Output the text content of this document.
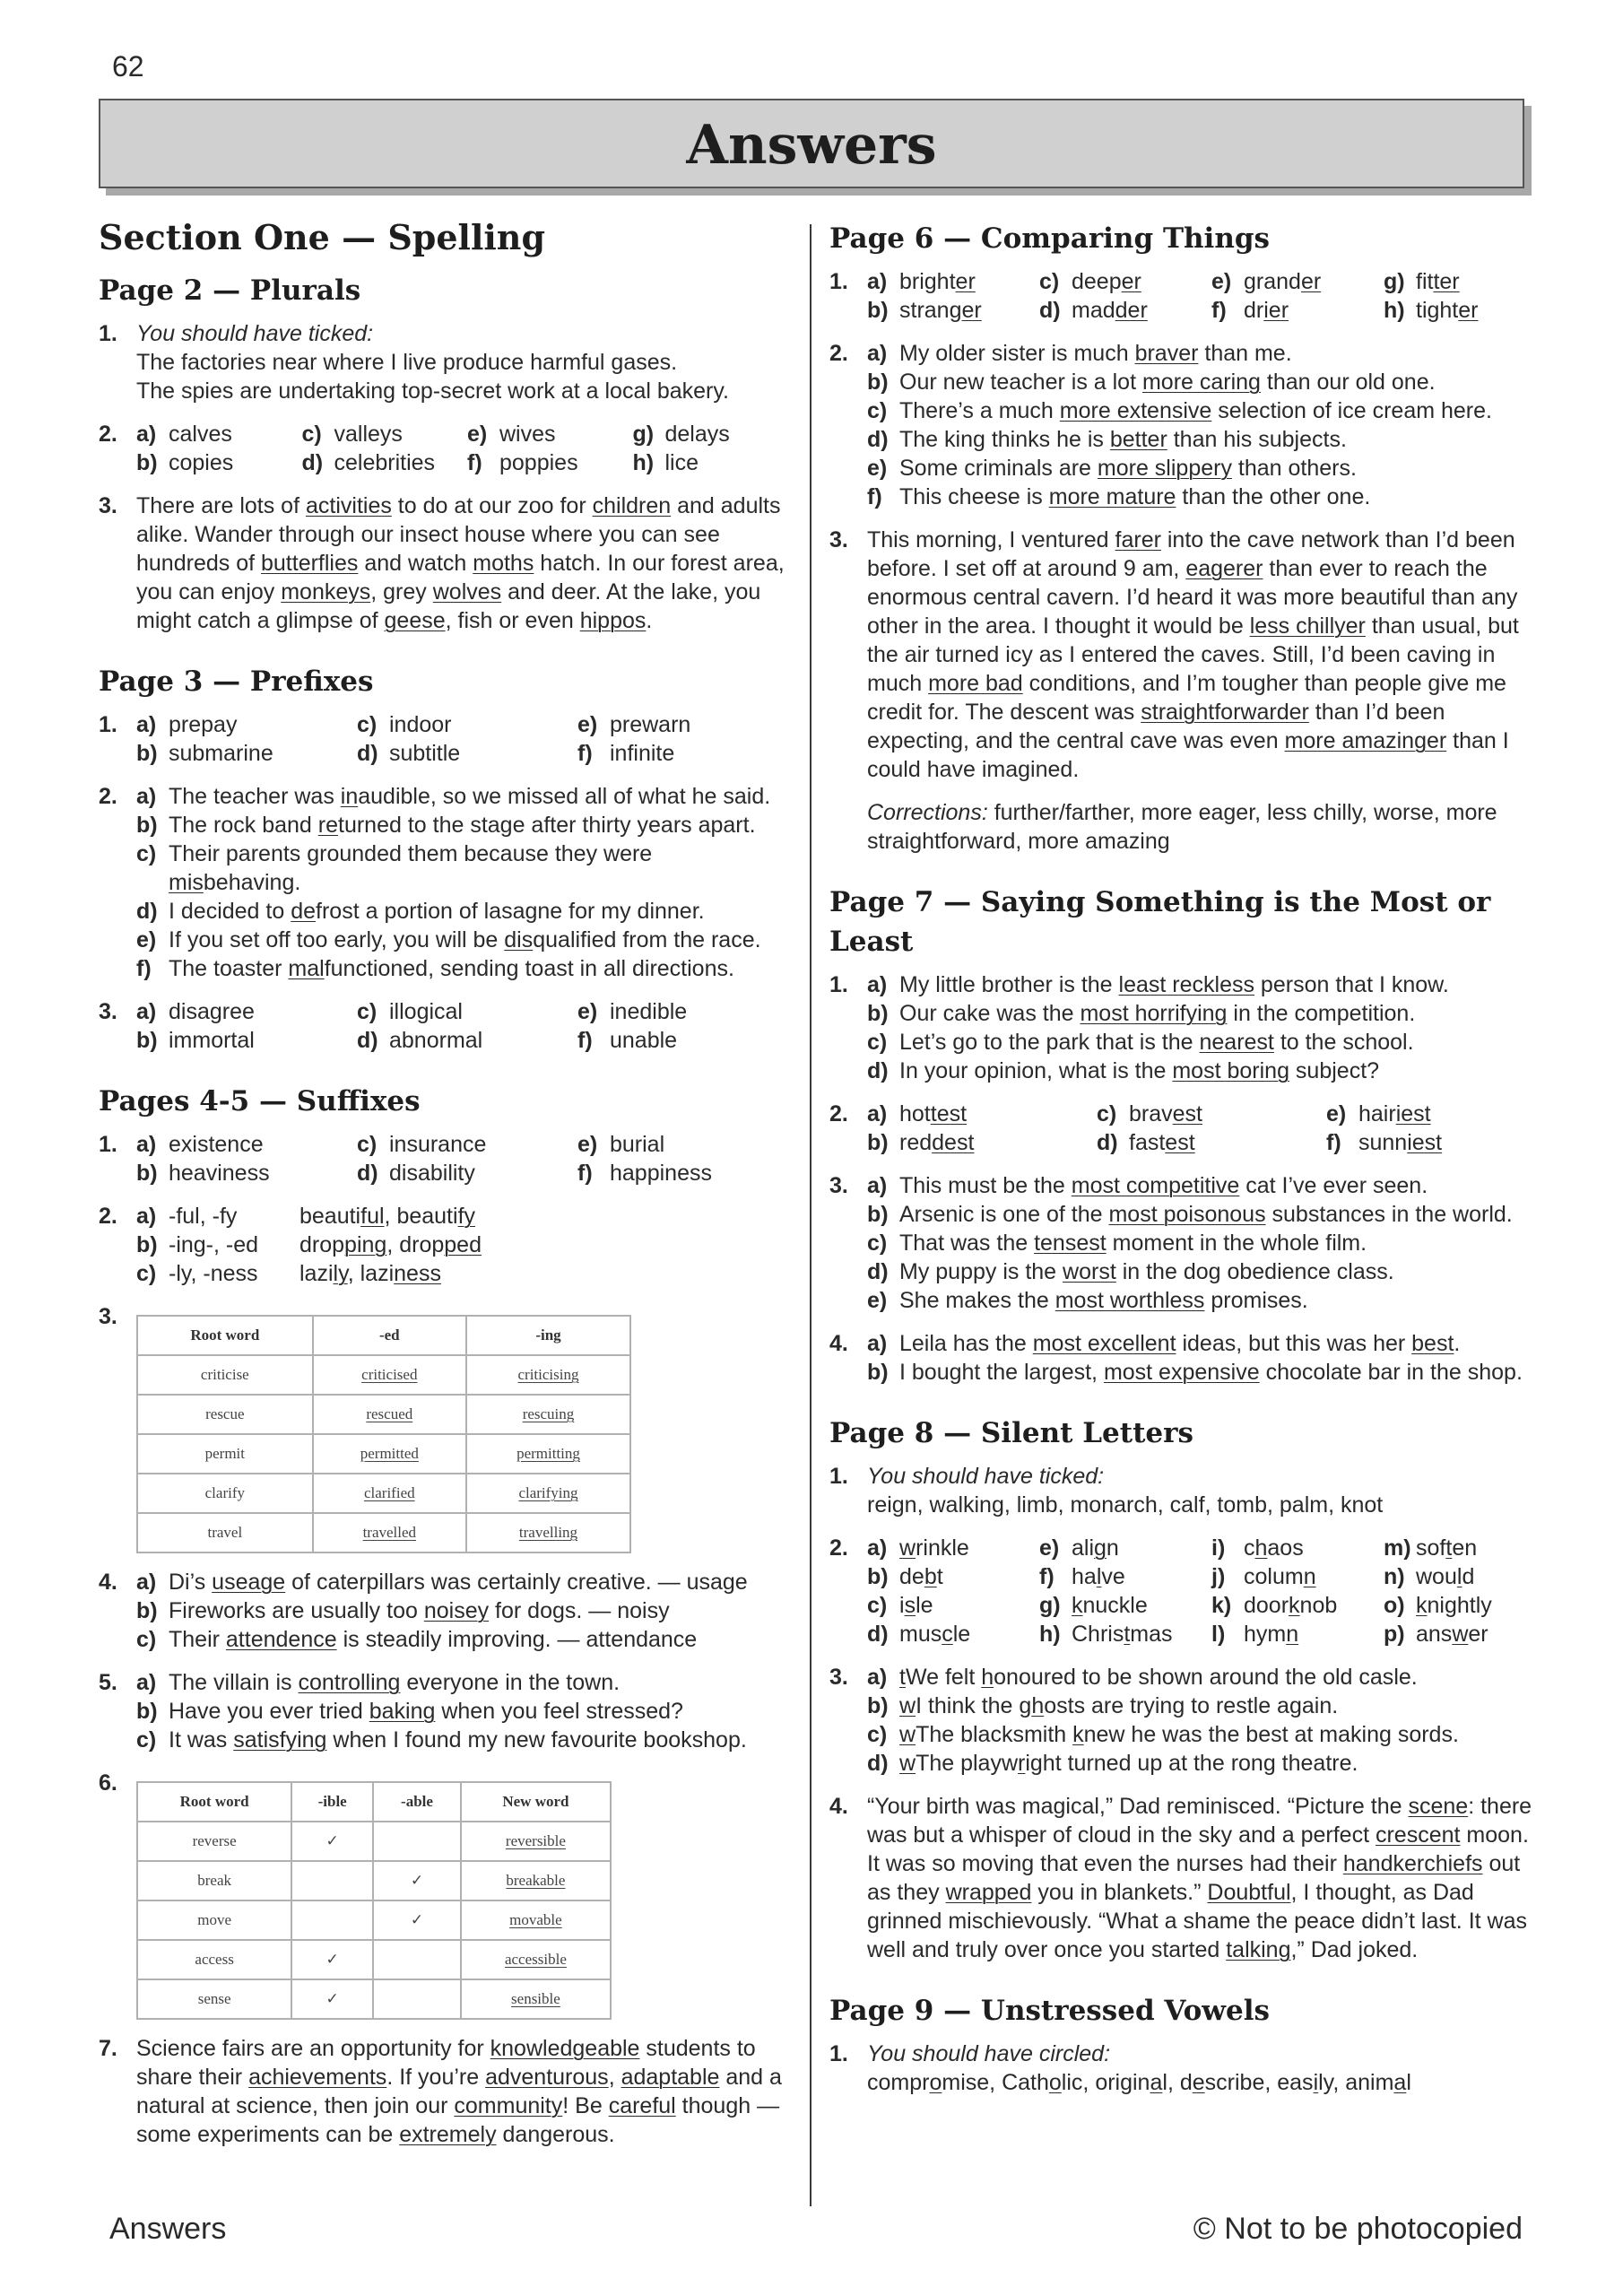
62
Answers
Section One — Spelling
Page 2 — Plurals
1. You should have ticked:
The factories near where I live produce harmful gases.
The spies are undertaking top-secret work at a local bakery.
2. a) calves	c) valleys	e) wives	g) delays
b) copies	d) celebrities f) poppies h) lice
3. There are lots of activities to do at our zoo for children and adults alike. Wander through our insect house where you can see hundreds of butterflies and watch moths hatch. In our forest area, you can enjoy monkeys, grey wolves and deer. At the lake, you might catch a glimpse of geese, fish or even hippos.
Page 3 — Prefixes
1. a) prepay	c) indoor	e) prewarn
b) submarine	d) subtitle	f) infinite
2. a) The teacher was inaudible, so we missed all of what he said.
b) The rock band returned to the stage after thirty years apart.
c) Their parents grounded them because they were misbehaving.
d) I decided to defrost a portion of lasagne for my dinner.
e) If you set off too early, you will be disqualified from the race.
f) The toaster malfunctioned, sending toast in all directions.
3. a) disagree	c) illogical	e) inedible
b) immortal	d) abnormal	f) unable
Pages 4-5 — Suffixes
1. a) existence	c) insurance	e) burial
b) heaviness	d) disability	f) happiness
2. a) -ful, -fy	beautiful, beautify
b) -ing-, -ed	dropping, dropped
c) -ly, -ness	lazily, laziness
3.
Root word	-ed	-ing
criticise	criticised	criticising
rescue	rescued	rescuing
permit	permitted	permitting
clarify	clarified	clarifying
travel	travelled	travelling
4. a) Di’s useage of caterpillars was certainly creative. — usage
b) Fireworks are usually too noisey for dogs. — noisy
c) Their attendence is steadily improving. — attendance
5. a) The villain is controlling everyone in the town.
b) Have you ever tried baking when you feel stressed?
c) It was satisfying when I found my new favourite bookshop.
6.
Root word	-ible	-able	New word
reverse	✓		reversible
break		✓	breakable
move		✓	movable
access	✓		accessible
sense	✓		sensible
7. Science fairs are an opportunity for knowledgeable students to share their achievements. If you’re adventurous, adaptable and a natural at science, then join our community! Be careful though — some experiments can be extremely dangerous.
Page 6 — Comparing Things
1. a) brighter	c) deeper	e) grander	g) fitter
b) stranger	d) madder	f) drier	h) tighter
2. a) My older sister is much braver than me.
b) Our new teacher is a lot more caring than our old one.
c) There’s a much more extensive selection of ice cream here.
d) The king thinks he is better than his subjects.
e) Some criminals are more slippery than others.
f) This cheese is more mature than the other one.
3. This morning, I ventured farer into the cave network than I’d been before. I set off at around 9 am, eagerer than ever to reach the enormous central cavern. I’d heard it was more beautiful than any other in the area. I thought it would be less chillyer than usual, but the air turned icy as I entered the caves. Still, I’d been caving in much more bad conditions, and I’m tougher than people give me credit for. The descent was straightforwarder than I’d been expecting, and the central cave was even more amazinger than I could have imagined.
Corrections: further/farther, more eager, less chilly, worse, more straightforward, more amazing
Page 7 — Saying Something is the Most or Least
1. a) My little brother is the least reckless person that I know.
b) Our cake was the most horrifying in the competition.
c) Let’s go to the park that is the nearest to the school.
d) In your opinion, what is the most boring subject?
2. a) hottest	c) bravest	e) hairiest
b) reddest	d) fastest	f) sunniest
3. a) This must be the most competitive cat I’ve ever seen.
b) Arsenic is one of the most poisonous substances in the world.
c) That was the tensest moment in the whole film.
d) My puppy is the worst in the dog obedience class.
e) She makes the most worthless promises.
4. a) Leila has the most excellent ideas, but this was her best.
b) I bought the largest, most expensive chocolate bar in the shop.
Page 8 — Silent Letters
1. You should have ticked:
reign, walking, limb, monarch, calf, tomb, palm, knot
2. a) wrinkle	e) align	i) chaos	m) soften
b) debt	f) halve	j) column	n) would
c) isle	g) knuckle	k) doorknob o) knightly
d) muscle	h) Christmas l) hymn	p) answer
3. a) tWe felt honoured to be shown around the old casle.
b) wI think the ghosts are trying to restle again.
c) wThe blacksmith knew he was the best at making sords.
d) wThe playwright turned up at the rong theatre.
4. “Your birth was magical,” Dad reminisced. “Picture the scene: there was but a whisper of cloud in the sky and a perfect crescent moon. It was so moving that even the nurses had their handkerchiefs out as they wrapped you in blankets.” Doubtful, I thought, as Dad grinned mischievously. “What a shame the peace didn’t last. It was well and truly over once you started talking,” Dad joked.
Page 9 — Unstressed Vowels
1. You should have circled:
compromise, Catholic, original, describe, easily, animal
Answers	© Not to be photocopied
